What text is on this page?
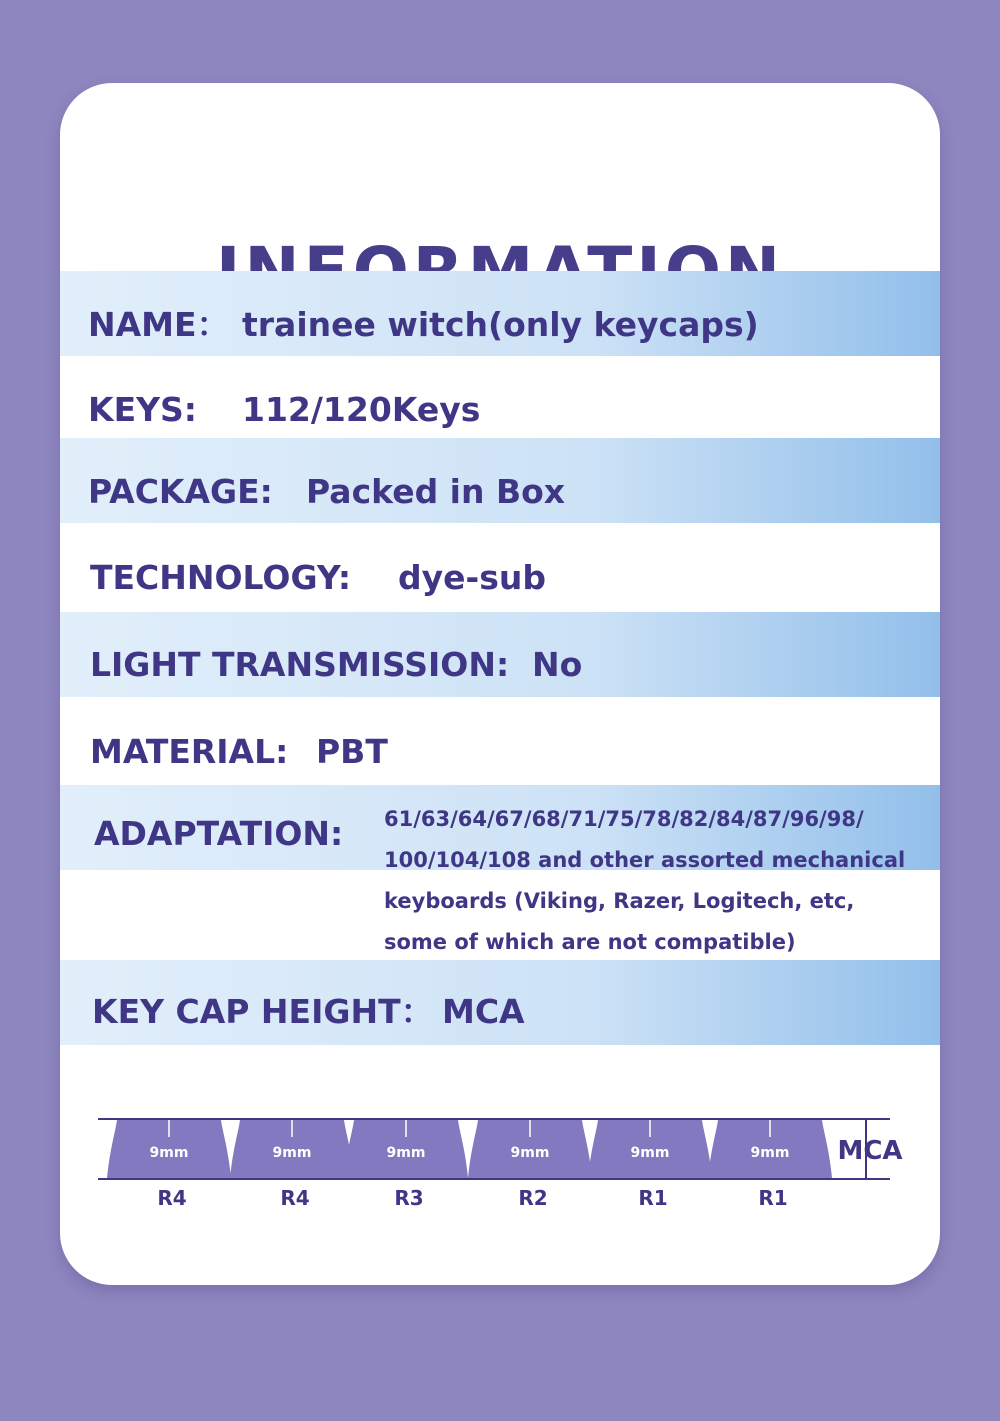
NAME： trainee witch(only keycaps)
KEYS: 112/120Keys
PACKAGE: Packed in Box
TECHNOLOGY: dye-sub
LIGHT TRANSMISSION: No
MATERIAL: PBT
ADAPTATION: 61/63/64/67/68/71/75/78/82/84/87/96/98/
100/104/108 and other assorted mechanical
keyboards (Viking, Razer, Logitech, etc,
some of which are not compatible)
KEY CAP HEIGHT： MCA
9mm
R4
9mm
R4
9mm
R3
9mm
R2
9mm
R1
9mm
R1
MCA
